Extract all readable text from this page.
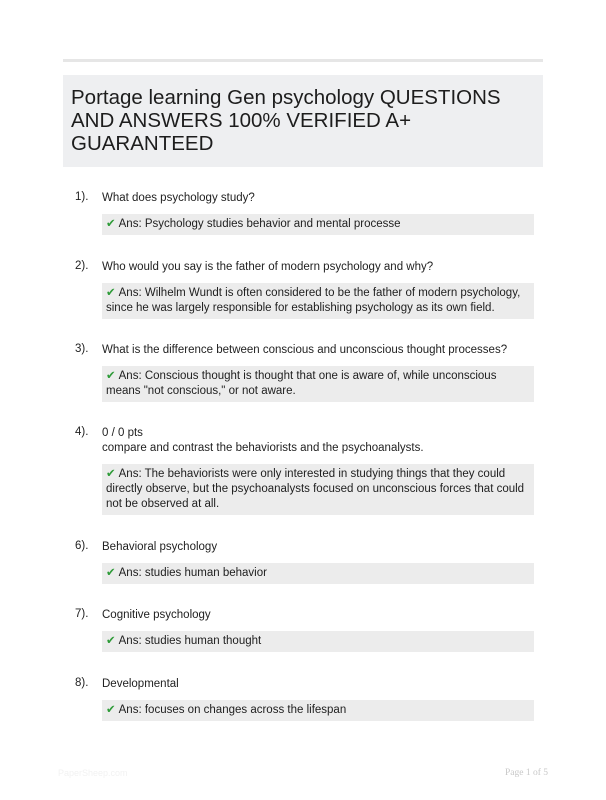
Portage learning Gen psychology QUESTIONS AND ANSWERS 100% VERIFIED A+ GUARANTEED
1). What does psychology study?
✔ Ans: Psychology studies behavior and mental processe
2). Who would you say is the father of modern psychology and why?
✔ Ans: Wilhelm Wundt is often considered to be the father of modern psychology, since he was largely responsible for establishing psychology as its own field.
3). What is the difference between conscious and unconscious thought processes?
✔ Ans: Conscious thought is thought that one is aware of, while unconscious means "not conscious," or not aware.
4). 0 / 0 pts
compare and contrast the behaviorists and the psychoanalysts.
✔ Ans: The behaviorists were only interested in studying things that they could directly observe, but the psychoanalysts focused on unconscious forces that could not be observed at all.
6). Behavioral psychology
✔ Ans: studies human behavior
7). Cognitive psychology
✔ Ans: studies human thought
8). Developmental
✔ Ans: focuses on changes across the lifespan
PaperSheep.com	Page 1 of 5
